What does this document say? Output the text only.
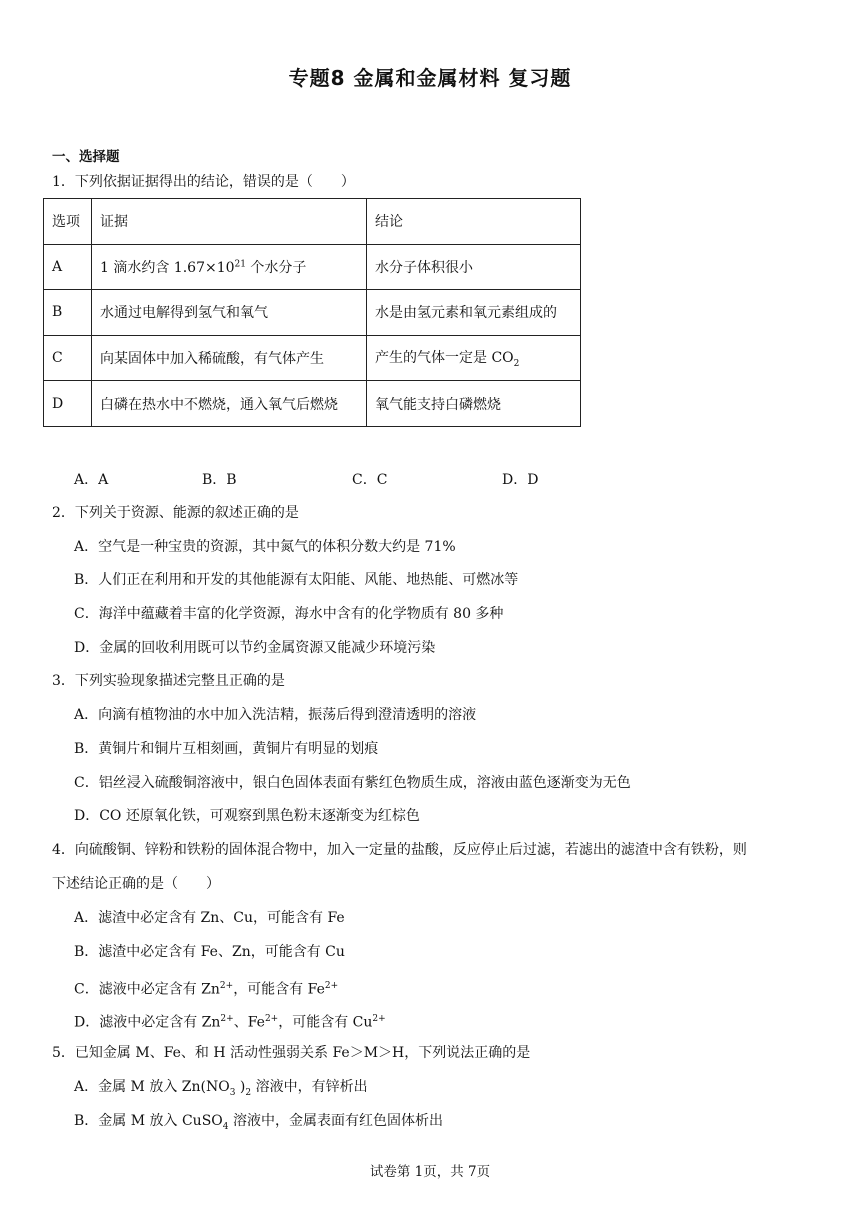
专题8 金属和金属材料 复习题
一、选择题
1．下列依据证据得出的结论，错误的是（　　）
选项	证据	结论
A	1 滴水约含 $1.67\times 10^{21}$ 个水分子	水分子体积很小
B	水通过电解得到氢气和氧气	水是由氢元素和氧元素组成的
C	向某固体中加入稀硫酸，有气体产生	产生的气体一定是 $CO_2$
D	白磷在热水中不燃烧，通入氧气后燃烧	氧气能支持白磷燃烧
A．A	B．B	C．C	D．D
2．下列关于资源、能源的叙述正确的是
A．空气是一种宝贵的资源，其中氮气的体积分数大约是 71%
B．人们正在利用和开发的其他能源有太阳能、风能、地热能、可燃冰等
C．海洋中蕴藏着丰富的化学资源，海水中含有的化学物质有 80 多种
D．金属的回收利用既可以节约金属资源又能减少环境污染
3．下列实验现象描述完整且正确的是
A．向滴有植物油的水中加入洗洁精，振荡后得到澄清透明的溶液
B．黄铜片和铜片互相刻画，黄铜片有明显的划痕
C．铝丝浸入硫酸铜溶液中，银白色固体表面有紫红色物质生成，溶液由蓝色逐渐变为无色
D．CO 还原氧化铁，可观察到黑色粉末逐渐变为红棕色
4．向硫酸铜、锌粉和铁粉的固体混合物中，加入一定量的盐酸，反应停止后过滤，若滤出的滤渣中含有铁粉，则
下述结论正确的是（　　）
A．滤渣中必定含有 Zn、Cu，可能含有 Fe
B．滤渣中必定含有 Fe、Zn，可能含有 Cu
C．滤液中必定含有 $Zn^{2+}$，可能含有 $Fe^{2+}$
D．滤液中必定含有 $Zn^{2+}$、$Fe^{2+}$，可能含有 $Cu^{2+}$
5．已知金属 M、Fe、和 H 活动性强弱关系 Fe＞M＞H，下列说法正确的是
A．金属 M 放入 $Zn(NO_3$ )$_2$ 溶液中，有锌析出
B．金属 M 放入 CuSO$_4$ 溶液中，金属表面有红色固体析出
试卷第 1页，共 7页
